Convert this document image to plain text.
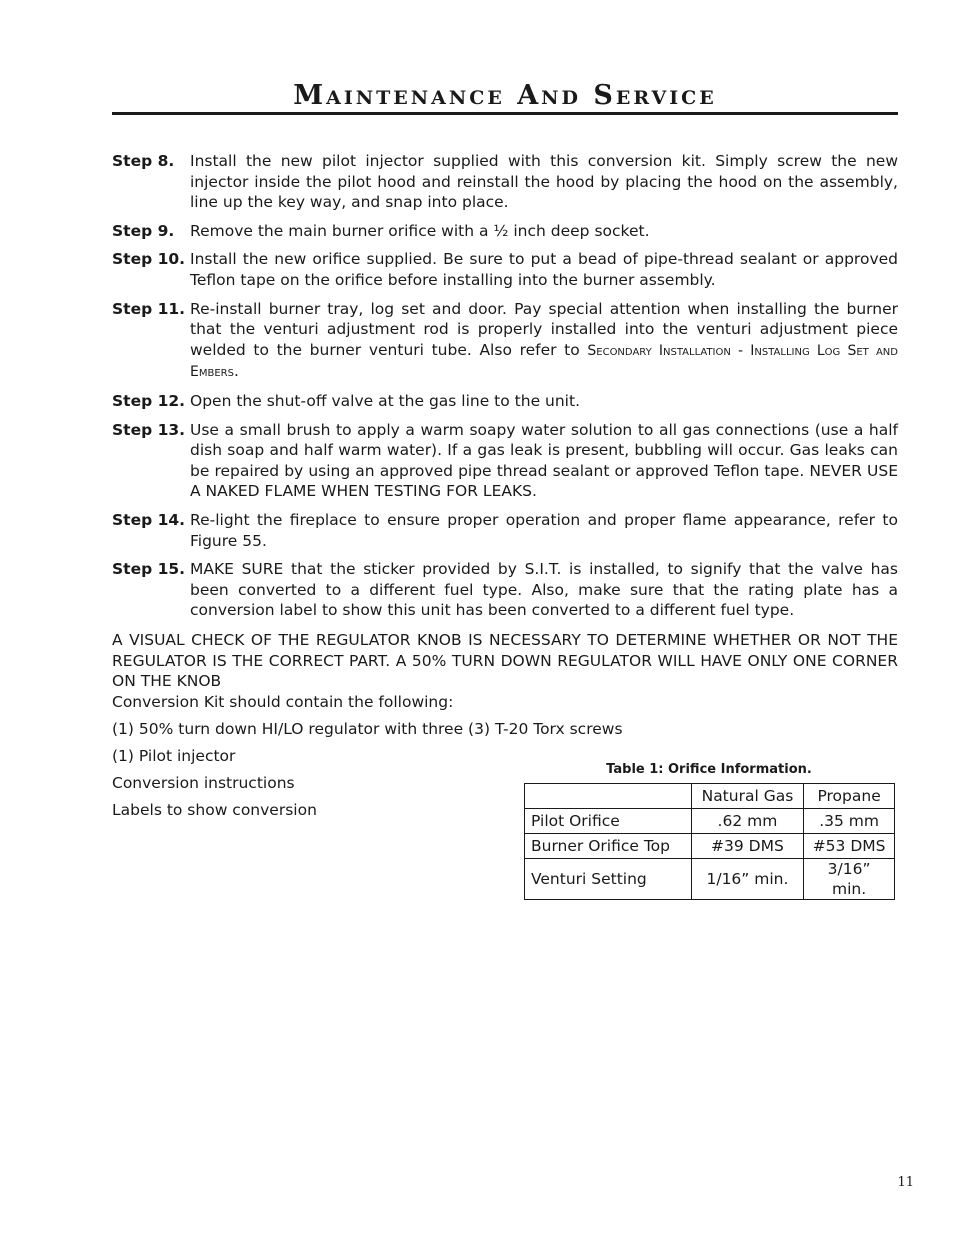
Maintenance And Service
Step 8.	Install the new pilot injector supplied with this conversion kit. Simply screw the new injector inside the pilot hood and reinstall the hood by placing the hood on the assembly, line up the key way, and snap into place.
Step 9.	Remove the main burner orifice with a ½ inch deep socket.
Step 10. Install the new orifice supplied. Be sure to put a bead of pipe-thread sealant or approved Teflon tape on the orifice before installing into the burner assembly.
Step 11. Re-install burner tray, log set and door. Pay special attention when installing the burner that the venturi adjustment rod is properly installed into the venturi adjustment piece welded to the burner venturi tube. Also refer to Secondary Installation - Installing Log Set and Embers.
Step 12. Open the shut-off valve at the gas line to the unit.
Step 13. Use a small brush to apply a warm soapy water solution to all gas connections (use a half dish soap and half warm water). If a gas leak is present, bubbling will occur. Gas leaks can be repaired by using an approved pipe thread sealant or approved Teflon tape. NEVER USE A NAKED FLAME WHEN TESTING FOR LEAKS.
Step 14. Re-light the fireplace to ensure proper operation and proper flame appearance, refer to Figure 55.
Step 15. MAKE SURE that the sticker provided by S.I.T. is installed, to signify that the valve has been converted to a different fuel type. Also, make sure that the rating plate has a conversion label to show this unit has been converted to a different fuel type.
A VISUAL CHECK OF THE REGULATOR KNOB IS NECESSARY TO DETERMINE WHETHER OR NOT THE REGULATOR IS THE CORRECT PART. A 50% TURN DOWN REGULATOR WILL HAVE ONLY ONE CORNER ON THE KNOB
Conversion Kit should contain the following:
(1) 50% turn down HI/LO regulator with three (3) T-20 Torx screws
(1) Pilot injector
Conversion instructions
Labels to show conversion
Table 1: Orifice Information.
	Natural Gas	Propane
Pilot Orifice	.62 mm	.35 mm
Burner Orifice Top	#39 DMS	#53 DMS
Venturi Setting	1/16” min.	3/16” min.
11
